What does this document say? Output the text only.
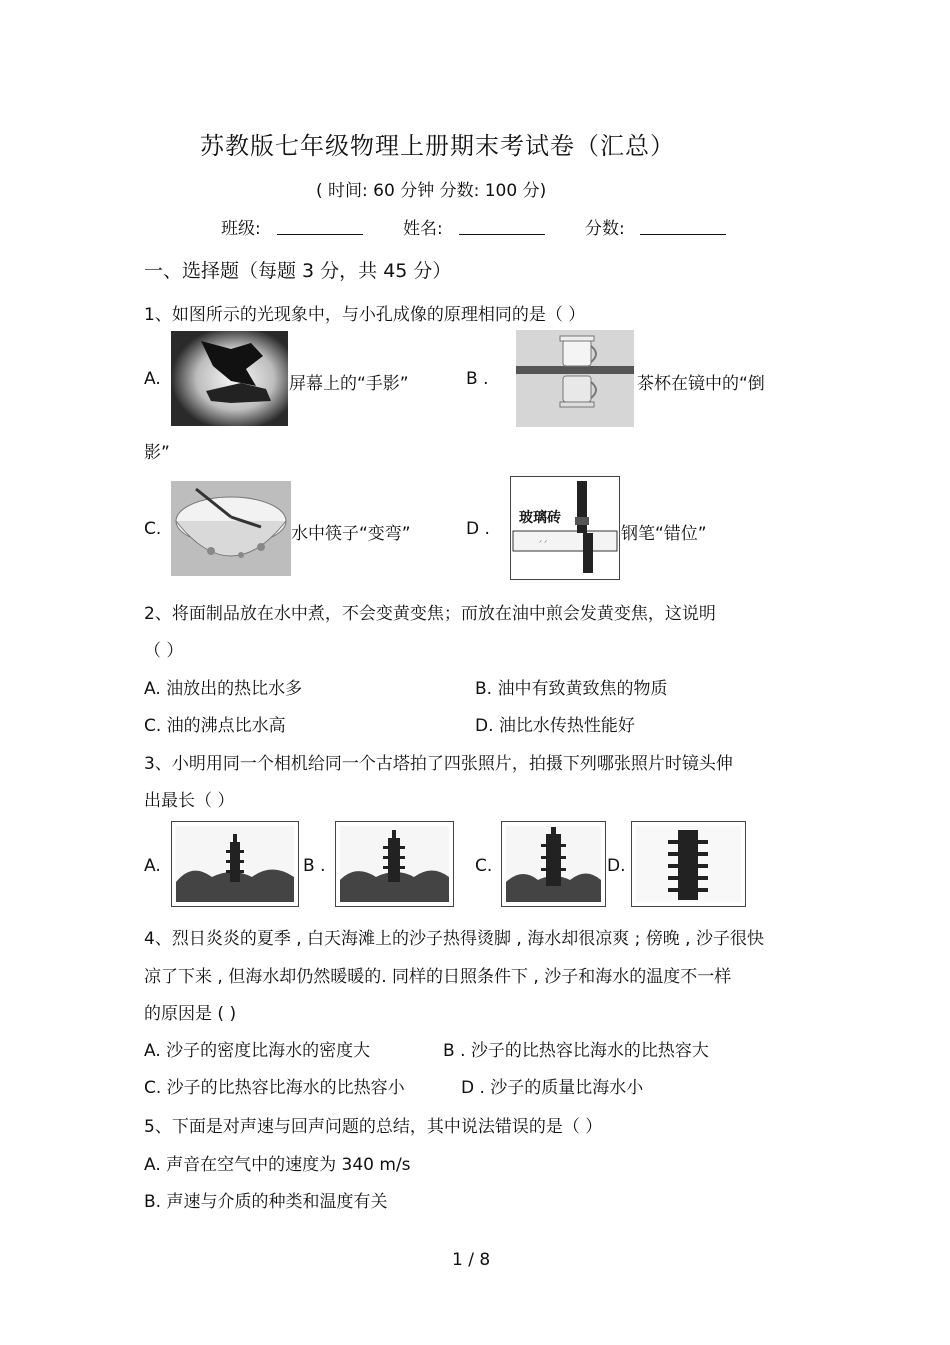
苏教版七年级物理上册期末考试卷（汇总）
( 时间: 60 分钟 分数: 100 分)
班级:	姓名:	分数:
一、选择题（每题 3 分，共 45 分）
1、如图所示的光现象中，与小孔成像的原理相同的是（ ）
A.	屏幕上的“手影”	B .	茶杯在镜中的“倒
影”
C.	水中筷子“变弯”	D .
ᐟ ᐟ
玻璃砖
钢笔“错位”
2、将面制品放在水中煮，不会变黄变焦；而放在油中煎会发黄变焦，这说明
（ ）
A. 油放出的热比水多	B. 油中有致黄致焦的物质
C. 油的沸点比水高	D. 油比水传热性能好
3、小明用同一个相机给同一个古塔拍了四张照片，拍摄下列哪张照片时镜头伸
出最长（ ）
A.	B .	C.	D.
4、烈日炎炎的夏季 , 白天海滩上的沙子热得烫脚 , 海水却很凉爽 ; 傍晚 , 沙子很快
凉了下来 , 但海水却仍然暖暖的. 同样的日照条件下 , 沙子和海水的温度不一样
的原因是 ( )
A. 沙子的密度比海水的密度大	B . 沙子的比热容比海水的比热容大
C. 沙子的比热容比海水的比热容小	D . 沙子的质量比海水小
5、下面是对声速与回声问题的总结，其中说法错误的是（ ）
A. 声音在空气中的速度为 340 m/s
B. 声速与介质的种类和温度有关
1 / 8
